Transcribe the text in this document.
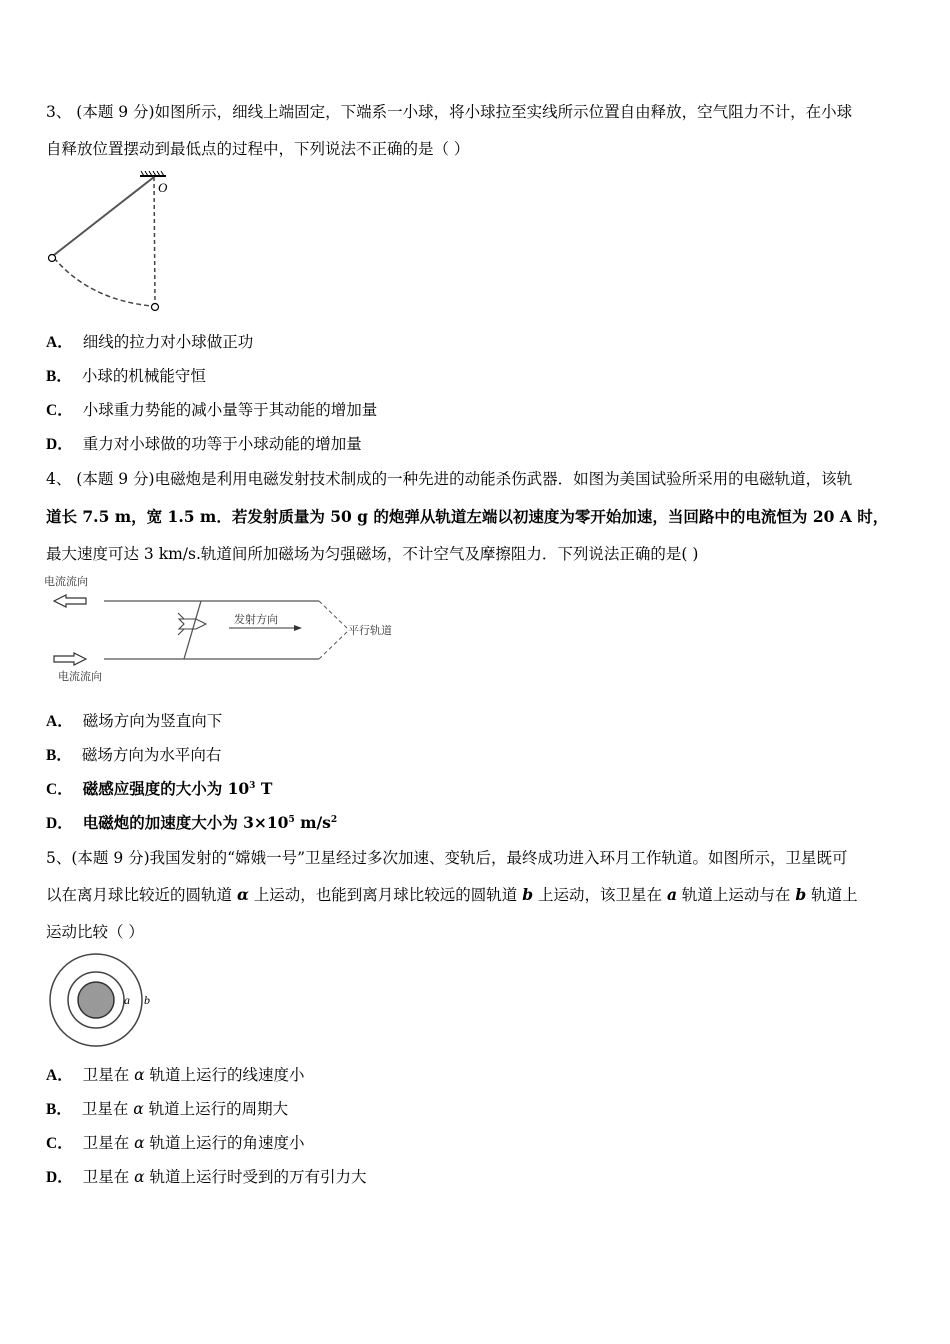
3、 (本题 9 分)如图所示，细线上端固定，下端系一小球，将小球拉至实线所示位置自由释放，空气阻力不计，在小球
自释放位置摆动到最低点的过程中，下列说法不正确的是（ ）
O
A． 细线的拉力对小球做正功
B． 小球的机械能守恒
C． 小球重力势能的减小量等于其动能的增加量
D． 重力对小球做的功等于小球动能的增加量
4、 (本题 9 分)电磁炮是利用电磁发射技术制成的一种先进的动能杀伤武器．如图为美国试验所采用的电磁轨道，该轨
道长 7.5 m，宽 1.5 m．若发射质量为 50 g 的炮弹从轨道左端以初速度为零开始加速，当回路中的电流恒为 20 A 时，
最大速度可达 3 km/s.轨道间所加磁场为匀强磁场，不计空气及摩擦阻力．下列说法正确的是( )
电流流向
发射方向
平行轨道
电流流向
A． 磁场方向为竖直向下
B． 磁场方向为水平向右
C． 磁感应强度的大小为 $10^3$ T
D． 电磁炮的加速度大小为 $3\times 10^5$ $m/s^2$
5、(本题 9 分)我国发射的“嫦娥一号”卫星经过多次加速、变轨后，最终成功进入环月工作轨道。如图所示，卫星既可
以在离月球比较近的圆轨道 α 上运动，也能到离月球比较远的圆轨道 b 上运动，该卫星在 a 轨道上运动与在 b 轨道上
运动比较（ ）
a b
A． 卫星在 α 轨道上运行的线速度小
B． 卫星在 α 轨道上运行的周期大
C． 卫星在 α 轨道上运行的角速度小
D． 卫星在 α 轨道上运行时受到的万有引力大
